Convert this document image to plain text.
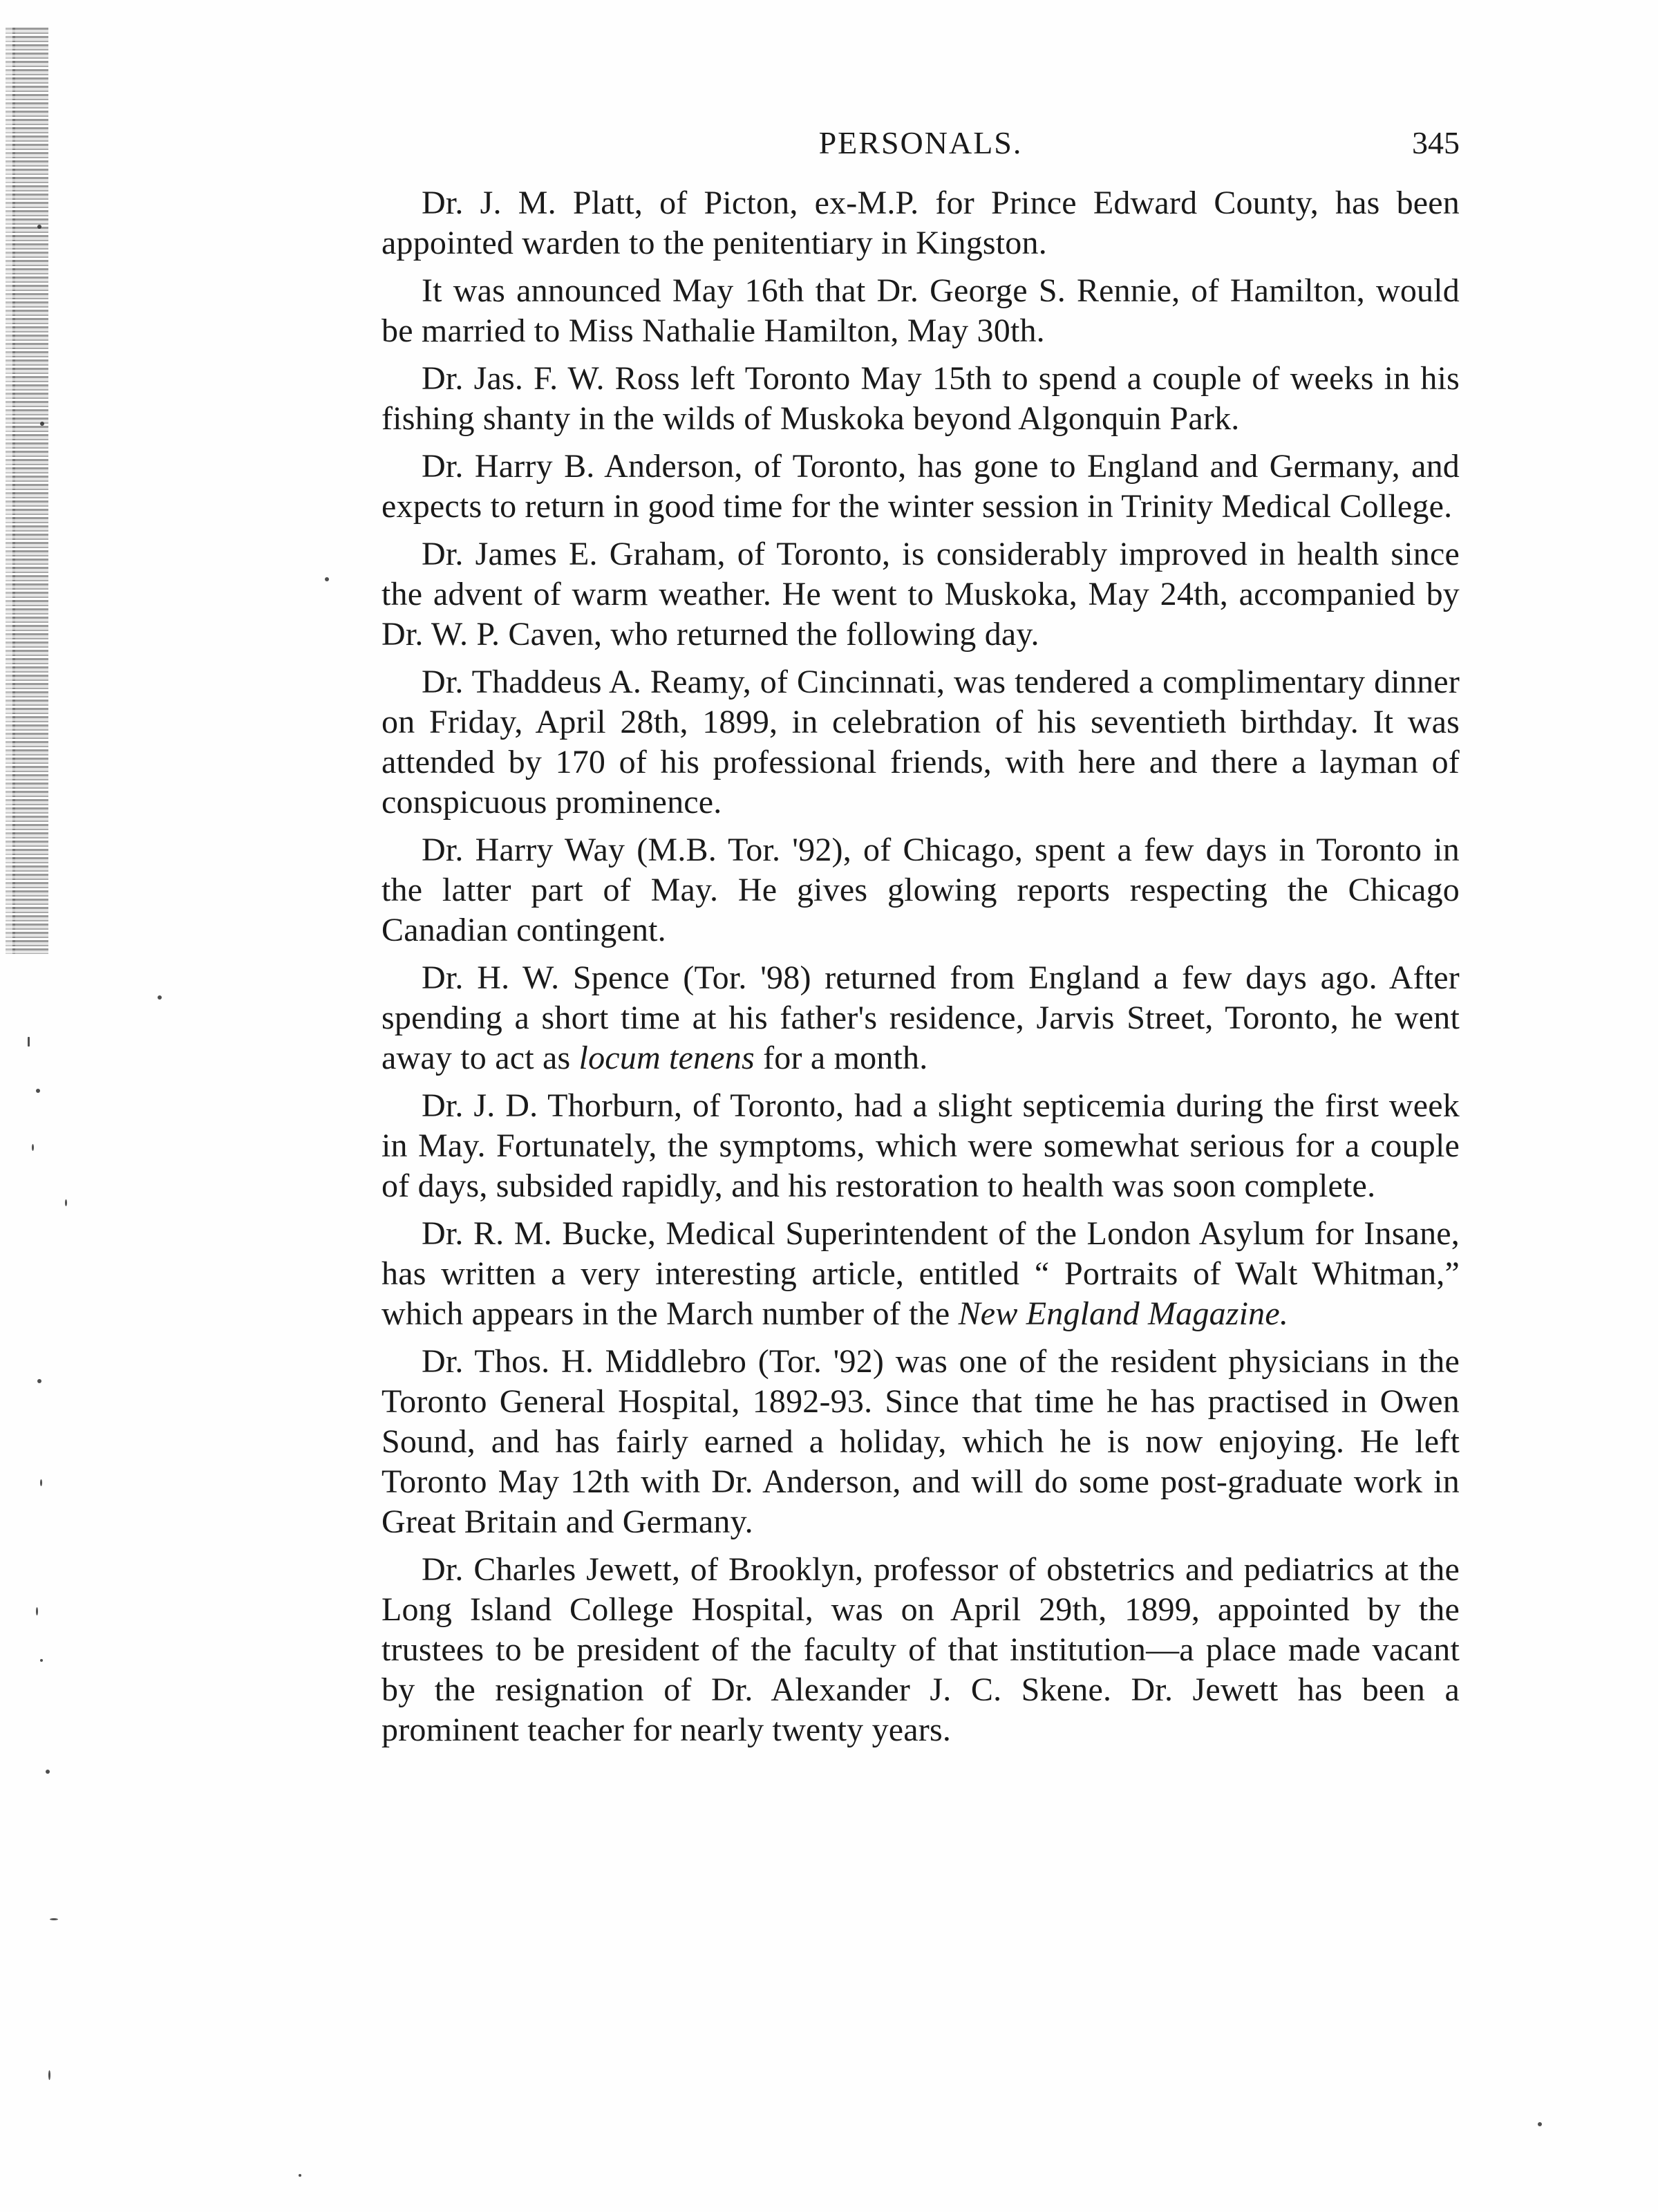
PERSONALS.	345

Dr. J. M. Platt, of Picton, ex-M.P. for Prince Edward County, has been appointed warden to the penitentiary in Kingston.

It was announced May 16th that Dr. George S. Rennie, of Hamilton, would be married to Miss Nathalie Hamilton, May 30th.

Dr. Jas. F. W. Ross left Toronto May 15th to spend a couple of weeks in his fishing shanty in the wilds of Muskoka beyond Algonquin Park.

Dr. Harry B. Anderson, of Toronto, has gone to England and Germany, and expects to return in good time for the winter session in Trinity Medical College.

Dr. James E. Graham, of Toronto, is considerably improved in health since the advent of warm weather. He went to Muskoka, May 24th, accompanied by Dr. W. P. Caven, who returned the following day.

Dr. Thaddeus A. Reamy, of Cincinnati, was tendered a complimentary dinner on Friday, April 28th, 1899, in celebration of his seventieth birthday. It was attended by 170 of his professional friends, with here and there a layman of conspicuous prominence.

Dr. Harry Way (M.B. Tor. '92), of Chicago, spent a few days in Toronto in the latter part of May. He gives glowing reports respecting the Chicago Canadian contingent.

Dr. H. W. Spence (Tor. '98) returned from England a few days ago. After spending a short time at his father's residence, Jarvis Street, Toronto, he went away to act as locum tenens for a month.

Dr. J. D. Thorburn, of Toronto, had a slight septicemia during the first week in May. Fortunately, the symptoms, which were somewhat serious for a couple of days, subsided rapidly, and his restoration to health was soon complete.

Dr. R. M. Bucke, Medical Superintendent of the London Asylum for Insane, has written a very interesting article, entitled “ Portraits of Walt Whitman,” which appears in the March number of the New England Magazine.

Dr. Thos. H. Middlebro (Tor. '92) was one of the resident physicians in the Toronto General Hospital, 1892-93. Since that time he has practised in Owen Sound, and has fairly earned a holiday, which he is now enjoying. He left Toronto May 12th with Dr. Anderson, and will do some post-graduate work in Great Britain and Germany.

Dr. Charles Jewett, of Brooklyn, professor of obstetrics and pediatrics at the Long Island College Hospital, was on April 29th, 1899, appointed by the trustees to be president of the faculty of that institution—a place made vacant by the resignation of Dr. Alexander J. C. Skene. Dr. Jewett has been a prominent teacher for nearly twenty years.
